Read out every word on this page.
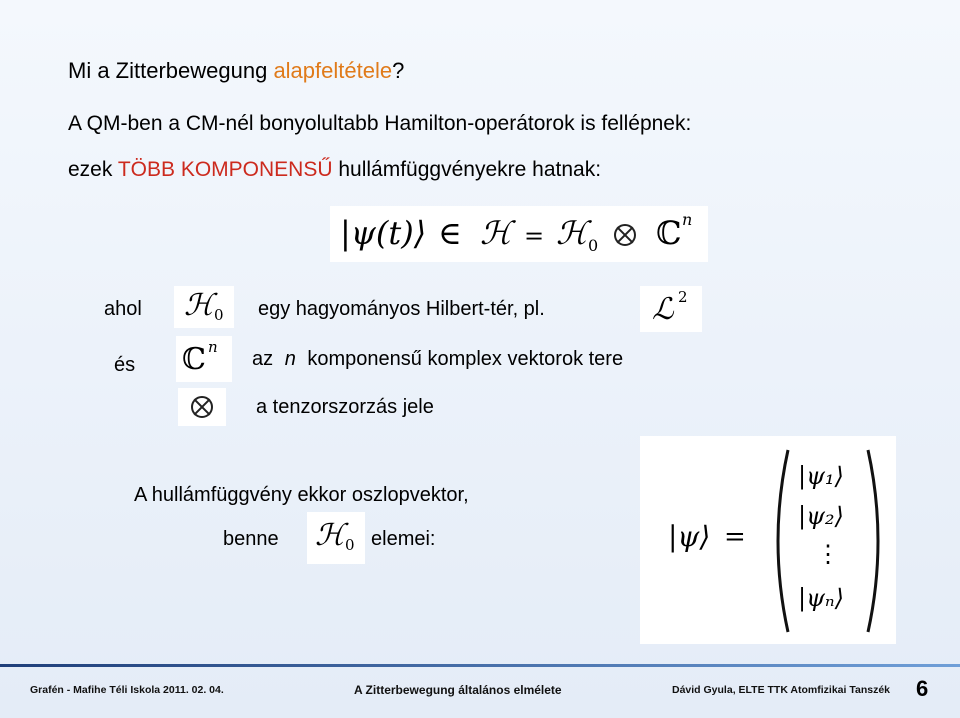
Mi a Zitterbewegung alapfeltétele?
A QM-ben a CM-nél bonyolultabb Hamilton-operátorok is fellépnek:
ezek TÖBB KOMPONENSŰ hullámfüggvényekre hatnak:
|ψ(t)⟩ ∈ ℋ = ℋ 0 ℂ n
ahol ℋ 0 egy hagyományos Hilbert-tér, pl.	ℒ 2
és ℂ n
az n komponensű komplex vektorok tere
a tenzorszorzás jele
A hullámfüggvény ekkor oszlopvektor,
benne ℋ 0 elemei:	|ψ⟩ =
|ψ₁⟩
|ψ₂⟩
⋮
|ψₙ⟩
Grafén - Mafihe Téli Iskola 2011. 02. 04.	A Zitterbewegung általános elmélete	Dávid Gyula, ELTE TTK Atomfizikai Tanszék 6
